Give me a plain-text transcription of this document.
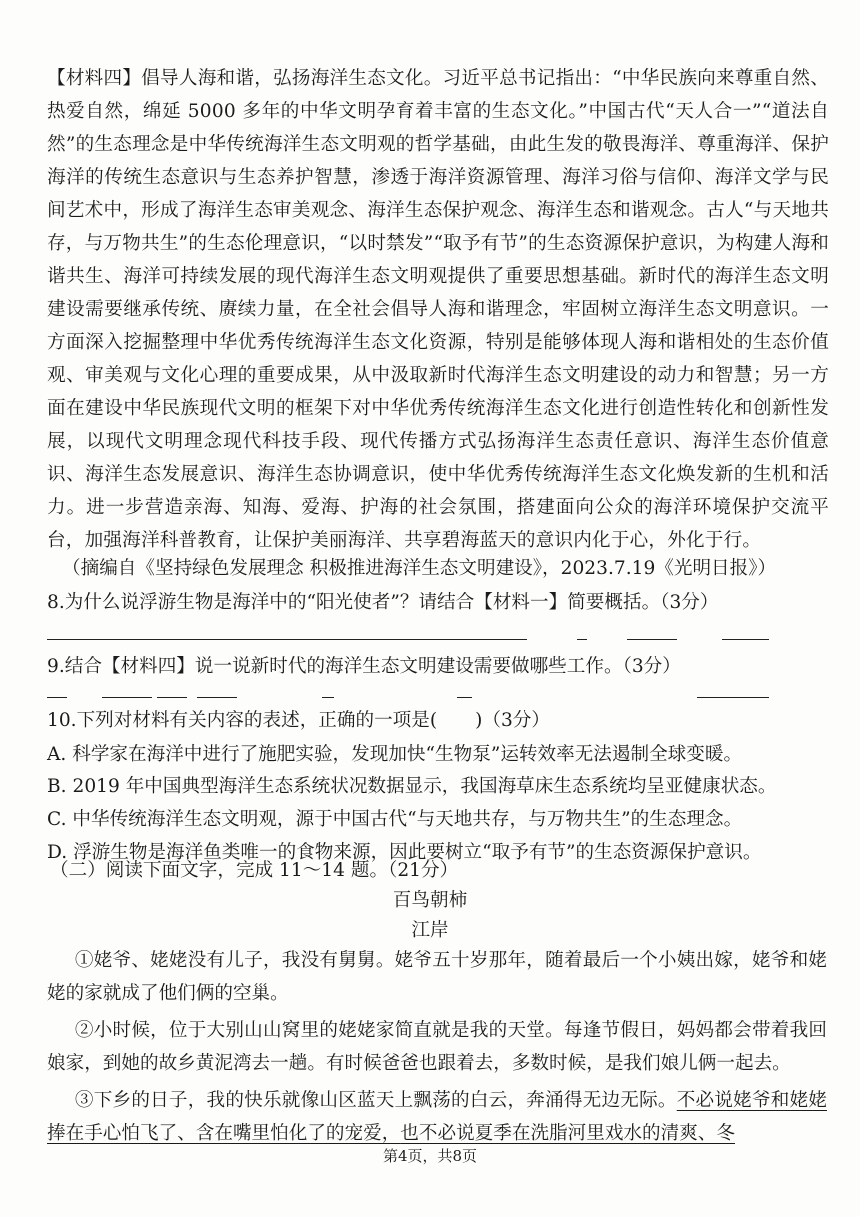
【材料四】倡导人海和谐，弘扬海洋生态文化。习近平总书记指出：“中华民族向来尊重自然、热爱自然，绵延 5000 多年的中华文明孕育着丰富的生态文化。”中国古代“天人合一”“道法自然”的生态理念是中华传统海洋生态文明观的哲学基础，由此生发的敬畏海洋、尊重海洋、保护海洋的传统生态意识与生态养护智慧，渗透于海洋资源管理、海洋习俗与信仰、海洋文学与民间艺术中，形成了海洋生态审美观念、海洋生态保护观念、海洋生态和谐观念。古人“与天地共存，与万物共生”的生态伦理意识，“以时禁发”“取予有节”的生态资源保护意识，为构建人海和谐共生、海洋可持续发展的现代海洋生态文明观提供了重要思想基础。新时代的海洋生态文明建设需要继承传统、赓续力量，在全社会倡导人海和谐理念，牢固树立海洋生态文明意识。一方面深入挖掘整理中华优秀传统海洋生态文化资源，特别是能够体现人海和谐相处的生态价值观、审美观与文化心理的重要成果，从中汲取新时代海洋生态文明建设的动力和智慧；另一方面在建设中华民族现代文明的框架下对中华优秀传统海洋生态文化进行创造性转化和创新性发展，以现代文明理念现代科技手段、现代传播方式弘扬海洋生态责任意识、海洋生态价值意识、海洋生态发展意识、海洋生态协调意识，使中华优秀传统海洋生态文化焕发新的生机和活力。进一步营造亲海、知海、爱海、护海的社会氛围，搭建面向公众的海洋环境保护交流平台，加强海洋科普教育，让保护美丽海洋、共享碧海蓝天的意识内化于心，外化于行。

（摘编自《坚持绿色发展理念 积极推进海洋生态文明建设》，2023.7.19《光明日报》）
8.为什么说浮游生物是海洋中的“阳光使者”？请结合【材料一】简要概括。（3分）
9.结合【材料四】说一说新时代的海洋生态文明建设需要做哪些工作。（3分）
10.下列对材料有关内容的表述，正确的一项是( )（3分）
A. 科学家在海洋中进行了施肥实验，发现加快“生物泵”运转效率无法遏制全球变暖。
B. 2019 年中国典型海洋生态系统状况数据显示，我国海草床生态系统均呈亚健康状态。
C. 中华传统海洋生态文明观，源于中国古代“与天地共存，与万物共生”的生态理念。
D. 浮游生物是海洋鱼类唯一的食物来源，因此要树立“取予有节”的生态资源保护意识。
（二）阅读下面文字，完成 11～14 题。（21分）
百鸟朝柿
江岸

①姥爷、姥姥没有儿子，我没有舅舅。姥爷五十岁那年，随着最后一个小姨出嫁，姥爷和姥姥的家就成了他们俩的空巢。

②小时候，位于大别山山窝里的姥姥家简直就是我的天堂。每逢节假日，妈妈都会带着我回娘家，到她的故乡黄泥湾去一趟。有时候爸爸也跟着去，多数时候，是我们娘儿俩一起去。

③下乡的日子，我的快乐就像山区蓝天上飘荡的白云，奔涌得无边无际。不必说姥爷和姥姥捧在手心怕飞了、含在嘴里怕化了的宠爱，也不必说夏季在洗脂河里戏水的清爽、冬

第4页，共8页
